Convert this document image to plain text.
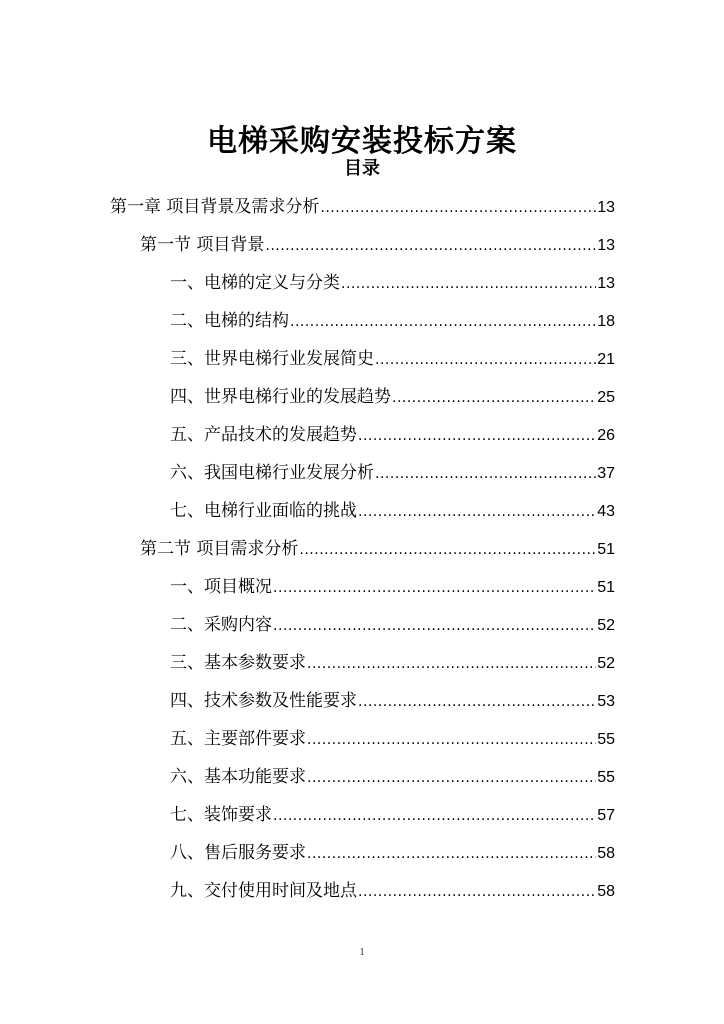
电梯采购安装投标方案
目录
第一章 项目背景及需求分析 .....	13
第一节 项目背景 .....	13
一、电梯的定义与分类 .....	13
二、电梯的结构 .....	18
三、世界电梯行业发展简史 .....	21
四、世界电梯行业的发展趋势 .....	25
五、产品技术的发展趋势 .....	26
六、我国电梯行业发展分析 .....	37
七、电梯行业面临的挑战 .....	43
第二节 项目需求分析 .....	51
一、项目概况 .....	51
二、采购内容 .....	52
三、基本参数要求 .....	52
四、技术参数及性能要求 .....	53
五、主要部件要求 .....	55
六、基本功能要求 .....	55
七、装饰要求 .....	57
八、售后服务要求 .....	58
九、交付使用时间及地点 .....	58
1
